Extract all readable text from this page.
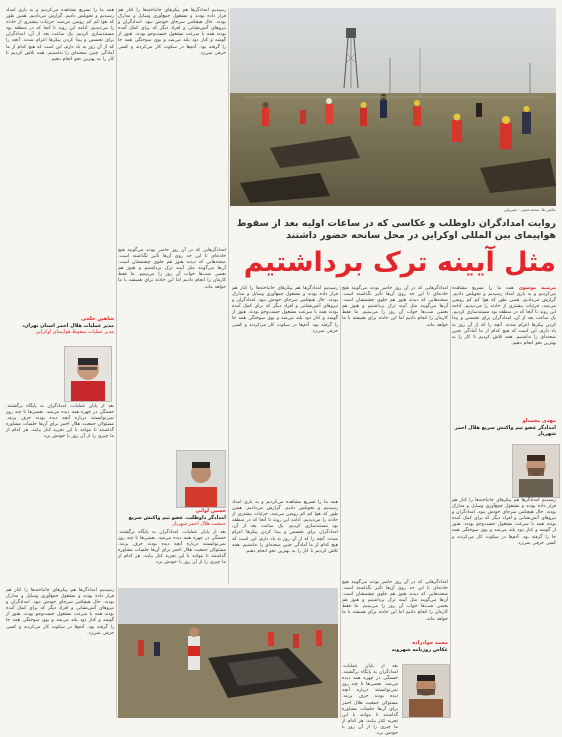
عکس ها: محمدحسن - شیرولی
همه ما را تسریع مشاهده می‌کردیم و به یاری امداد رسیدیم و تحویلش دادیم. گزارش می‌دادیم. همین طور که هوا کم کم روشن می‌شد، جزئیات بیشتری از حادثه را می‌دیدیم. ادامه این روند تا آنجا که در منطقه بود مستندسازی کردیم. یک ساعت بعد از آن، امدادگران برای تجسس و پیدا کردن پیکرها اعزام شدند. آنچه را که از آن روز به یاد دارم، این است که هیچ کدام از ما آمادگی چنین صحنه‌ای را نداشتیم. همه تلاش کردیم تا کار را به بهترین نحو انجام دهیم.
رسیدیم امدادگرها هم پیکرهای جانباخته‌ها را کنار هم قرار داده بودند و مشغول جمع‌آوری وسایل و مدارک بودند. حال هیچکس سرجای خودش نبود. امدادگران و نیروهای آتش‌نشانی و افراد دیگر که برای کمک آمده بودند همه با سرعت مشغول جست‌وجو بودند. هنوز از گوشه و کنار دود بلند می‌شد و بوی سوختگی همه جا را گرفته بود. آدم‌ها در سکوت کار می‌کردند و کسی حرفی نمی‌زد.
روایت امدادگران داوطلب و عکاسی که در ساعات اولیه بعد از سقوط هواپیمای بین المللی اوکراین در محل سانحه حضور داشتند
مثل آیینه ترک برداشتیم
امدادگرهایی که در آن روز حاضر بودند می‌گویند هیچ حادثه‌ای تا این حد روی آن‌ها تأثیر نگذاشته است. صحنه‌هایی که دیدند هنوز هم جلوی چشمشان است. آن‌ها می‌گویند مثل آیینه ترک برداشتیم و هنوز هم بعضی شب‌ها خواب آن روز را می‌بینیم. ما فقط کارمان را انجام دادیم اما این حادثه برای همیشه با ما خواهد ماند.
شاهین خلجی
مدیر عملیات هلال احمر استان تهران،
مدیر عملیات سقوط هواپیمای اوکراین
بعد از پایان عملیات، امدادگران به پایگاه برگشتند. خستگی در چهره همه دیده می‌شد. بعضی‌ها تا چند روز نمی‌توانستند درباره آنچه دیده بودند حرف بزنند. مسئولان جمعیت هلال احمر برای آن‌ها جلسات مشاوره گذاشتند تا بتوانند با این تجربه کنار بیایند. هر کدام از ما چیزی را از آن روز با خودش برد.
حسین لواتی
امدادگر داوطلب، عضو تیم واکنش سریع
جمعیت هلال احمر شهریار
رسیدیم امدادگرها هم پیکرهای جانباخته‌ها را کنار هم قرار داده بودند و مشغول جمع‌آوری وسایل و مدارک بودند. حال هیچکس سرجای خودش نبود. امدادگران و نیروهای آتش‌نشانی و افراد دیگر که برای کمک آمده بودند همه با سرعت مشغول جست‌وجو بودند. هنوز از گوشه و کنار دود بلند می‌شد و بوی سوختگی همه جا را گرفته بود. آدم‌ها در سکوت کار می‌کردند و کسی حرفی نمی‌زد.
امدادگرهایی که در آن روز حاضر بودند می‌گویند هیچ حادثه‌ای تا این حد روی آن‌ها تأثیر نگذاشته است. صحنه‌هایی که دیدند هنوز هم جلوی چشمشان است. آن‌ها می‌گویند مثل آیینه ترک برداشتیم و هنوز هم بعضی شب‌ها خواب آن روز را می‌بینیم. ما فقط کارمان را انجام دادیم اما این حادثه برای همیشه با ما خواهد ماند.
همه ما را تسریع مشاهده می‌کردیم و به یاری امداد رسیدیم و تحویلش دادیم. گزارش می‌دادیم. همین طور که هوا کم کم روشن می‌شد، جزئیات بیشتری از حادثه را می‌دیدیم. ادامه این روند تا آنجا که در منطقه بود مستندسازی کردیم. یک ساعت بعد از آن، امدادگران برای تجسس و پیدا کردن پیکرها اعزام شدند. آنچه را که از آن روز به یاد دارم، این است که هیچ کدام از ما آمادگی چنین صحنه‌ای را نداشتیم. همه تلاش کردیم تا کار را به بهترین نحو انجام دهیم.
بعد از پایان عملیات، امدادگران به پایگاه برگشتند. خستگی در چهره همه دیده می‌شد. بعضی‌ها تا چند روز نمی‌توانستند درباره آنچه دیده بودند حرف بزنند. مسئولان جمعیت هلال احمر برای آن‌ها جلسات مشاوره گذاشتند تا بتوانند با این تجربه کنار بیایند. هر کدام از ما چیزی را از آن روز با خودش برد.
مرضیه موسوی همه ما را تسریع مشاهده می‌کردیم و به یاری امداد رسیدیم و تحویلش دادیم. گزارش می‌دادیم. همین طور که هوا کم کم روشن می‌شد، جزئیات بیشتری از حادثه را می‌دیدیم. ادامه این روند تا آنجا که در منطقه بود مستندسازی کردیم. یک ساعت بعد از آن، امدادگران برای تجسس و پیدا کردن پیکرها اعزام شدند. آنچه را که از آن روز به یاد دارم، این است که هیچ کدام از ما آمادگی چنین صحنه‌ای را نداشتیم. همه تلاش کردیم تا کار را به بهترین نحو انجام دهیم.
مهدی محمدلو
امدادگر عضو تیم واکنش سریع هلال احمر شهریار
رسیدیم امدادگرها هم پیکرهای جانباخته‌ها را کنار هم قرار داده بودند و مشغول جمع‌آوری وسایل و مدارک بودند. حال هیچکس سرجای خودش نبود. امدادگران و نیروهای آتش‌نشانی و افراد دیگر که برای کمک آمده بودند همه با سرعت مشغول جست‌وجو بودند. هنوز از گوشه و کنار دود بلند می‌شد و بوی سوختگی همه جا را گرفته بود. آدم‌ها در سکوت کار می‌کردند و کسی حرفی نمی‌زد.
امدادگرهایی که در آن روز حاضر بودند می‌گویند هیچ حادثه‌ای تا این حد روی آن‌ها تأثیر نگذاشته است. صحنه‌هایی که دیدند هنوز هم جلوی چشمشان است. آن‌ها می‌گویند مثل آیینه ترک برداشتیم و هنوز هم بعضی شب‌ها خواب آن روز را می‌بینیم. ما فقط کارمان را انجام دادیم اما این حادثه برای همیشه با ما خواهد ماند.
محمد جوادزاده
عکاس روزنامه شهروند
بعد از پایان عملیات، امدادگران به پایگاه برگشتند. خستگی در چهره همه دیده می‌شد. بعضی‌ها تا چند روز نمی‌توانستند درباره آنچه دیده بودند حرف بزنند. مسئولان جمعیت هلال احمر برای آن‌ها جلسات مشاوره گذاشتند تا بتوانند با این تجربه کنار بیایند. هر کدام از ما چیزی را از آن روز با خودش برد.
رسیدیم امدادگرها هم پیکرهای جانباخته‌ها را کنار هم قرار داده بودند و مشغول جمع‌آوری وسایل و مدارک بودند. حال هیچکس سرجای خودش نبود. امدادگران و نیروهای آتش‌نشانی و افراد دیگر که برای کمک آمده بودند همه با سرعت مشغول جست‌وجو بودند. هنوز از گوشه و کنار دود بلند می‌شد و بوی سوختگی همه جا را گرفته بود. آدم‌ها در سکوت کار می‌کردند و کسی حرفی نمی‌زد.
